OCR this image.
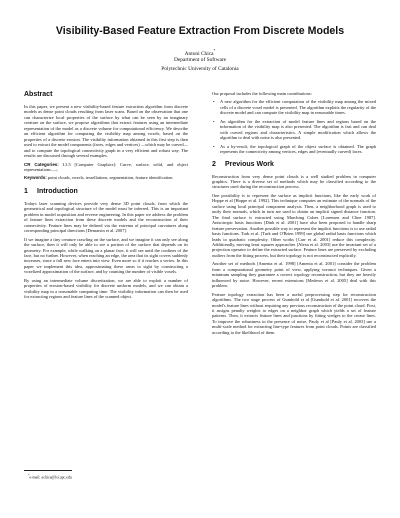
Visibility-Based Feature Extraction From Discrete Models
Antoni Chica*
Department of Software
Polytechnic University of Catalonia
Abstract

In this paper, we present a new visibility-based feature extraction algorithm from discrete models as dense point clouds resulting from laser scans. Based on the observation that one can characterize local properties of the surface by what can be seen by an imaginary creature on the surface, we propose algorithms that extract features using an intermediate representation of the model as a discrete volume for computational efficiency. We describe an efficient algorithm for computing the visibility map among voxels, based on the properties of a discrete erosion. The visibility information obtained in this first step is then used to extract the model components (faces, edges and vertices) —which may be curved— and to compute the topological connectivity graph in a very efficient and robust way. The results are discussed through several examples.

CR Categories: I.3.5 [Computer Graphics]: Curve, surface, solid, and object representations.—;
Keywords: point clouds, voxels, tessellations, segmentation, feature identification
1 Introduction

Todays laser scanning devices provide very dense 3D point clouds, from which the geometrical and topological structure of the model must be inferred. This is an important problem in model acquisition and reverse engineering. In this paper we address the problem of feature lines extraction from these discrete models and the reconstruction of their connectivity. Feature lines may be defined via the extrema of principal curvatures along corresponding principal directions [Demarsin et al. 2007].

If we imagine a tiny creature crawling on the surface, and we imagine it can only see along the surface, then it will only be able to see a portion of the surface that depends on its geometry. For example, while walking on a planar face, it will see until the confines of the face, but no further. However, when reaching an edge, the area that its sight covers suddenly increases, since a full new face enters into view. Even more so if it reaches a vertex. In this paper we implement this idea, approximating these areas to sight by constructing a voxelized approximation of the surface, and by counting the number of visible voxels.

By using an intermediate volume discretization, we are able to exploit a number of properties of erosion-based visibility for discrete uniform models, and we can obtain a visibility map in a reasonable computing time. The visibility information can then be used for extracting regions and feature lines of the scanned object.

*e-mail: achica@lsi.upc.edu

Our proposal includes the following main contributions:

• A new algorithm for the efficient computation of the visibility map among the mixed cells of a discrete voxel model is presented. The algorithm exploits the regularity of the discrete model and can compute the visibility map in reasonable times.
• An algorithm for the extraction of model feature lines and regions based on the information of the visibility map is also presented. The algorithm is fast and can deal with curved regions and characteristics. A simple modification which allows the algorithm to deal with noise is also presented.
• As a by-result, the topological graph of the object surface is obtained. The graph represents the connectivity among vertices, edges and (eventually curved) faces.
2 Previous Work

Reconstruction from very dense point clouds is a well studied problem in computer graphics. There is a diverse set of methods which may be classified according to the structures used during the reconstruction process.

One possibility is to represent the surface as implicit functions, like the early work of Hoppe et al [Hoppe et al. 1992]. This technique computes an estimate of the normals of the surface using local principal component analysis. Then, a neighborhood graph is used to unify their normals, which in turn are used to obtain an implicit signed distance function. The final surface is extracted using Marching Cubes [Lorensen and Cline 1987]. Anisotropic basis functions [Dinh et al. 2001] have also been proposed to handle sharp feature preservation. Another possible way to represent the implicit functions is to use radial basis functions. Turk et al. [Turk and O'Brien 1999] use global radial basis functions which leads to quadratic complexity. Other works [Carr et al. 2001] reduce this complexity. Additionally, moving least squares approaches [Alexa et al. 2003] use the invariant set of a projection operator to define the extracted surface. Feature lines are preserved by excluding outliers from the fitting process, but their topology is not reconstructed explicitly.

Another set of methods [Amenta et al. 1998] [Amenta et al. 2001] consider the problem from a computational geometry point of view, applying voronoi techniques. Given a minimum sampling they guarantee a correct topology reconstruction, but they are heavily influenced by noise. However, recent extensions [Mederos et al. 2005] deal with this problem.

Feature topology extraction has been a useful preprocessing step for reconstruction algorithms. The two stage process of Gumhold et al [Gumhold et al. 2001] recovers the model's feature lines without requiring any previous reconstruction of the point cloud. First, it assigns penalty weights to edges on a neighbor graph which yields a set of feature patterns. Then, it extracts feature lines and junctions by fitting wedges to the crease lines. To improve the robustness in the presence of noise, Pauly et al [Pauly et al. 2003] use a multi-scale method for extracting line-type features from point clouds. Points are classified according to the likelihood of them
